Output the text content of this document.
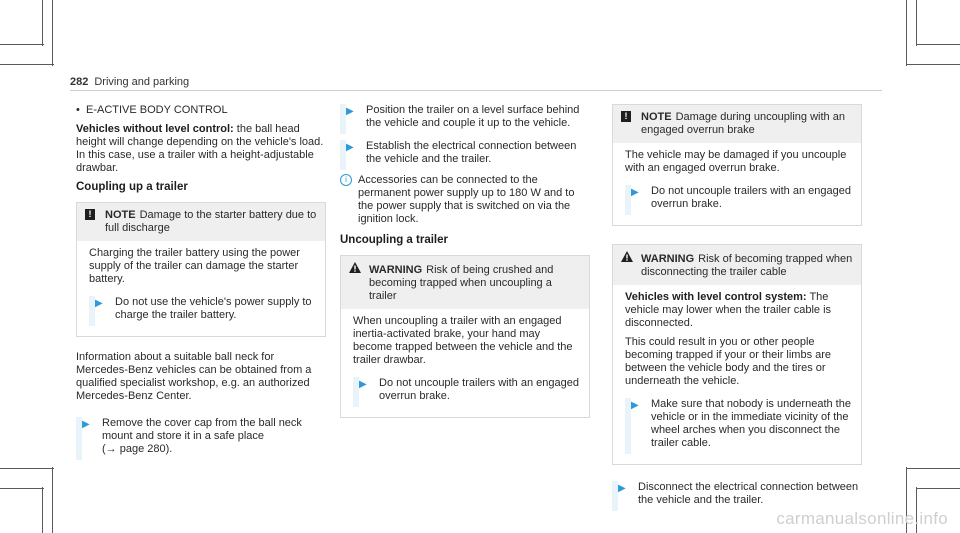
282 Driving and parking
• E-ACTIVE BODY CONTROL

Vehicles without level control: the ball head height will change depending on the vehicle's load. In this case, use a trailer with a height-adjustable drawbar.

Coupling up a trailer
!	NOTE Damage to the starter battery due to full discharge

Charging the trailer battery using the power supply of the trailer can damage the starter battery.

▶ Do not use the vehicle's power supply to charge the trailer battery.

Information about a suitable ball neck for Mercedes-Benz vehicles can be obtained from a qualified specialist workshop, e.g. an authorized Mercedes-Benz Center.

▶ Remove the cover cap from the ball neck mount and store it in a safe place
(→ page 280).
▶ Position the trailer on a level surface behind the vehicle and couple it up to the vehicle.
▶ Establish the electrical connection between the vehicle and the trailer.
i	Accessories can be connected to the permanent power supply up to 180 W and to the power supply that is switched on via the ignition lock.
Uncoupling a trailer
WARNING Risk of being crushed and becoming trapped when uncoupling a trailer

When uncoupling a trailer with an engaged inertia-activated brake, your hand may become trapped between the vehicle and the trailer drawbar.

▶ Do not uncouple trailers with an engaged overrun brake.
!	NOTE Damage during uncoupling with an engaged overrun brake

The vehicle may be damaged if you uncouple with an engaged overrun brake.

▶ Do not uncouple trailers with an engaged overrun brake.
WARNING Risk of becoming trapped when disconnecting the trailer cable

Vehicles with level control system: The vehicle may lower when the trailer cable is disconnected.

This could result in you or other people becoming trapped if your or their limbs are between the vehicle body and the tires or underneath the vehicle.

▶ Make sure that nobody is underneath the vehicle or in the immediate vicinity of the wheel arches when you disconnect the trailer cable.
▶ Disconnect the electrical connection between the vehicle and the trailer.
carmanualsonline.info
